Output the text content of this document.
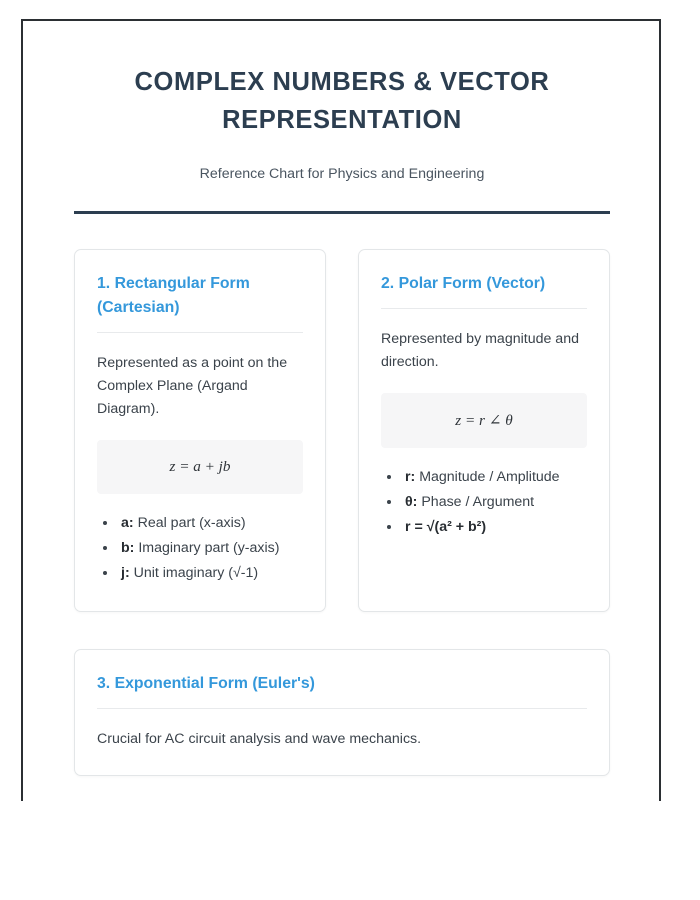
COMPLEX NUMBERS & VECTOR REPRESENTATION

Reference Chart for Physics and Engineering

1. Rectangular Form (Cartesian)

Represented as a point on the Complex Plane (Argand Diagram).

z = a + jb
• a: Real part (x-axis)
• b: Imaginary part (y-axis)
• j: Unit imaginary (√-1)
2. Polar Form (Vector)

Represented by magnitude and direction.

z = r ∠ θ
• r: Magnitude / Amplitude
• θ: Phase / Argument
• r = √(a² + b²)
3. Exponential Form (Euler's)

Crucial for AC circuit analysis and wave mechanics.
